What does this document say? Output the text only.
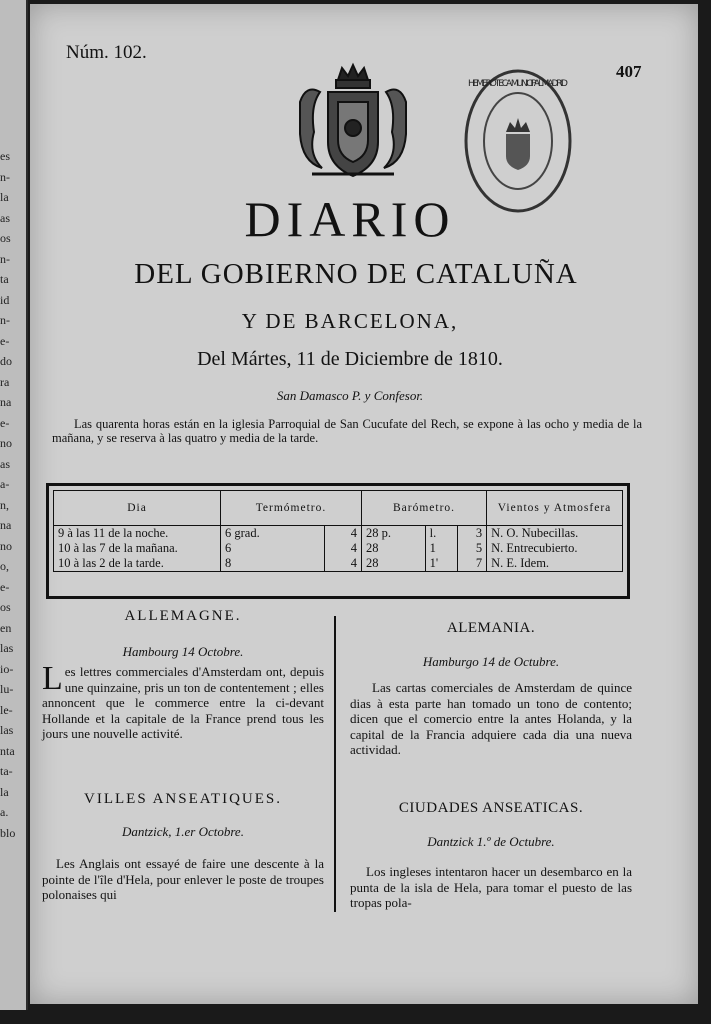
es
n-
la
as
os
n-
ta
id
n-
e-
do
ra
na
e-
no
as
a-
n,
na
no
o,
e-
os
en
las
io-
lu-
le-
las
nta
ta-
la
a.
blo
Núm. 102.
407
HEMEROTECA MUNICIPAL MADRID
DIARIO
DEL GOBIERNO DE CATALUÑA
Y DE BARCELONA,
Del Mártes, 11 de Diciembre de 1810.
San Damasco P. y Confesor.
Las quarenta horas están en la iglesia Parroquial de San Cucufate del Rech, se expone à las ocho y media de la mañana, y se reserva à las quatro y media de la tarde.
Dia	Termómetro.		Barómetro.			Vientos y Atmosfera
9 à las 11 de la noche.	6 grad.	4	28 p.	l.	3	N. O. Nubecillas.
10 à las 7 de la mañana.	6	4	28	1	5	N. Entrecubierto.
10 à las 2 de la tarde.	8	4	28	1'	7	N. E. Idem.
ALLEMAGNE.
Hambourg 14 Octobre.
Les lettres commerciales d'Amsterdam ont, depuis une quinzaine, pris un ton de contentement ; elles annoncent que le commerce entre la ci-devant Hollande et la capitale de la France prend tous les jours une nouvelle activité.
VILLES ANSEATIQUES.
Dantzick, 1.er Octobre.
Les Anglais ont essayé de faire une descente à la pointe de l'île d'Hela, pour enlever le poste de troupes polonaises qui
ALEMANIA.
Hamburgo 14 de Octubre.
Las cartas comerciales de Amsterdam de quince dias à esta parte han tomado un tono de contento; dicen que el comercio entre la antes Holanda, y la capital de la Francia adquiere cada dia una nueva actividad.
CIUDADES ANSEATICAS.
Dantzick 1.º de Octubre.
Los ingleses intentaron hacer un desembarco en la punta de la isla de Hela, para tomar el puesto de las tropas pola-
